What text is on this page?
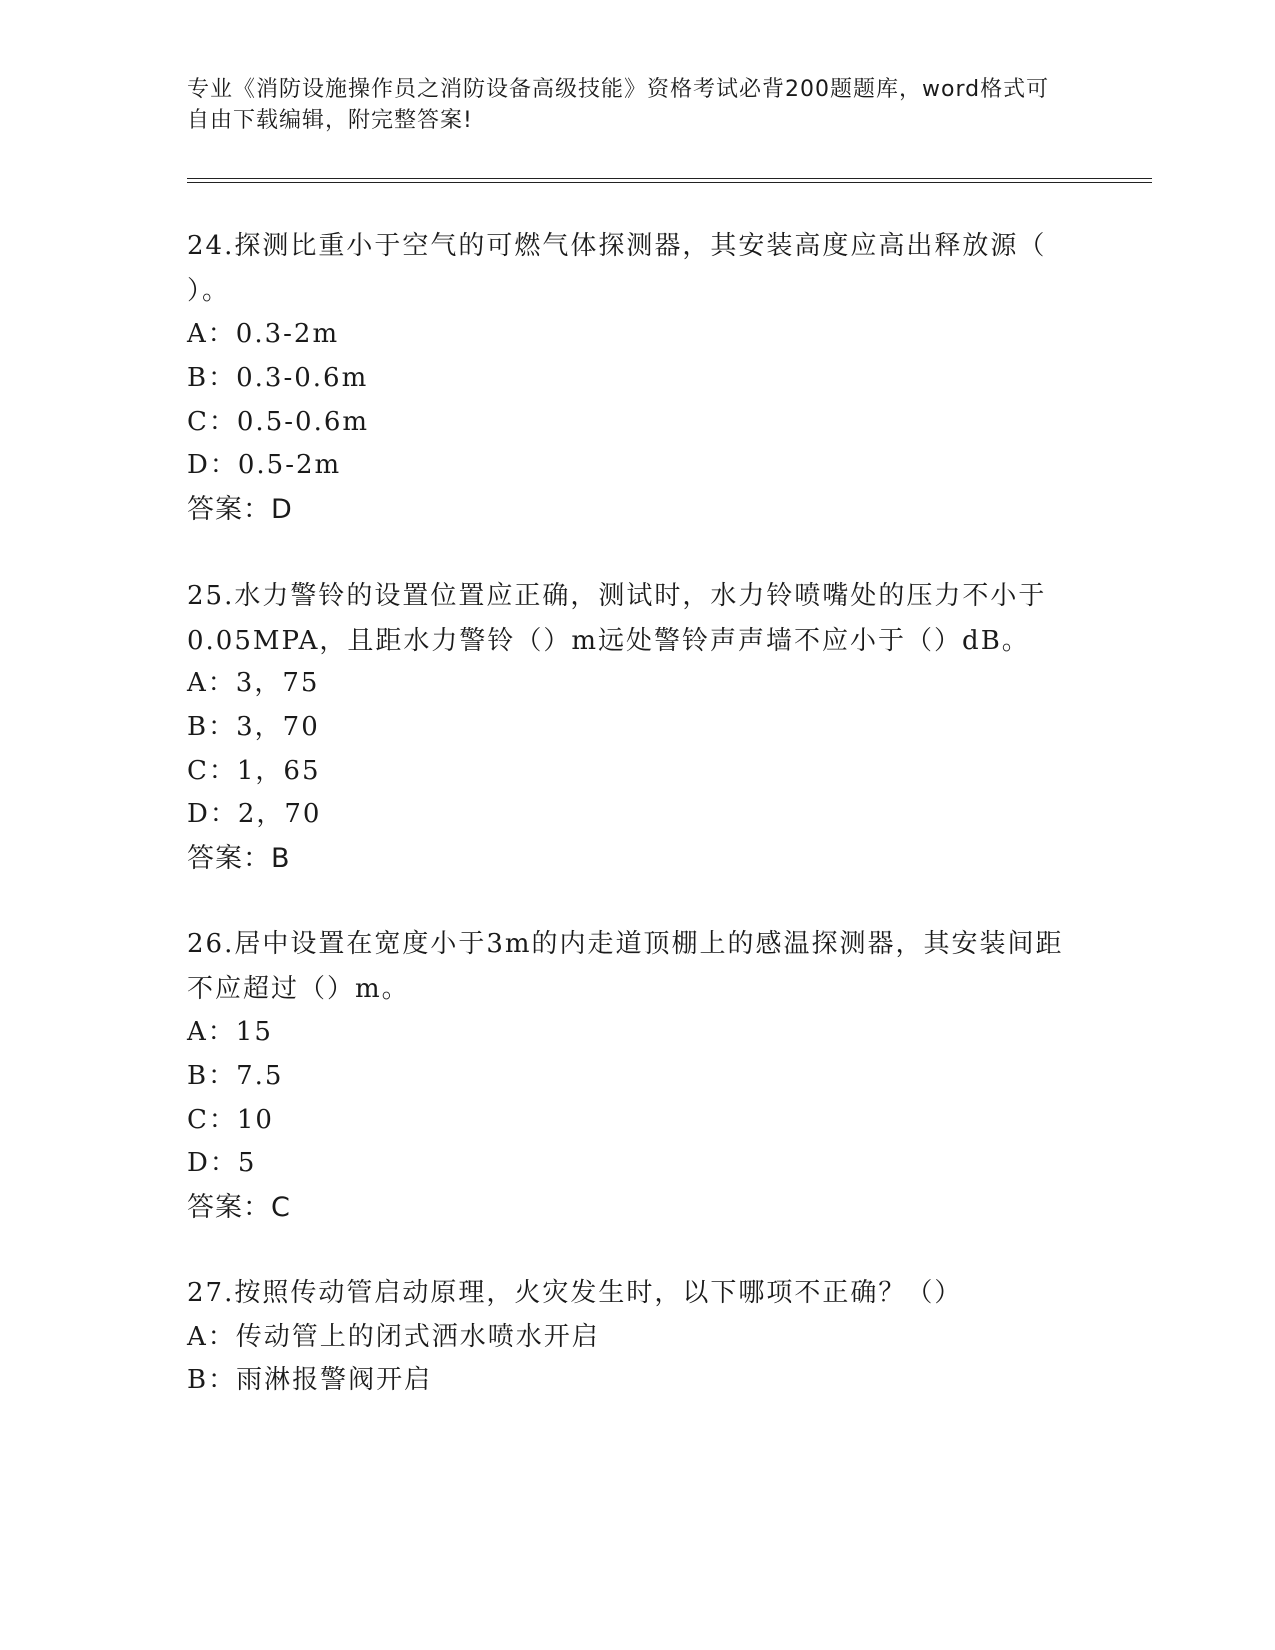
专业《消防设施操作员之消防设备高级技能》资格考试必背200题题库，word格式可自由下载编辑，附完整答案!
24.探测比重小于空气的可燃气体探测器，其安装高度应高出释放源（ ）。
A：0.3-2m
B：0.3-0.6m
C：0.5-0.6m
D：0.5-2m
答案：D
25.水力警铃的设置位置应正确，测试时，水力铃喷嘴处的压力不小于0.05MPA，且距水力警铃（）m远处警铃声声墙不应小于（）dB。
A：3，75
B：3，70
C：1，65
D：2，70
答案：B
26.居中设置在宽度小于3m的内走道顶棚上的感温探测器，其安装间距不应超过（）m。
A：15
B：7.5
C：10
D：5
答案：C
27.按照传动管启动原理，火灾发生时，以下哪项不正确？（）
A：传动管上的闭式洒水喷水开启
B：雨淋报警阀开启
